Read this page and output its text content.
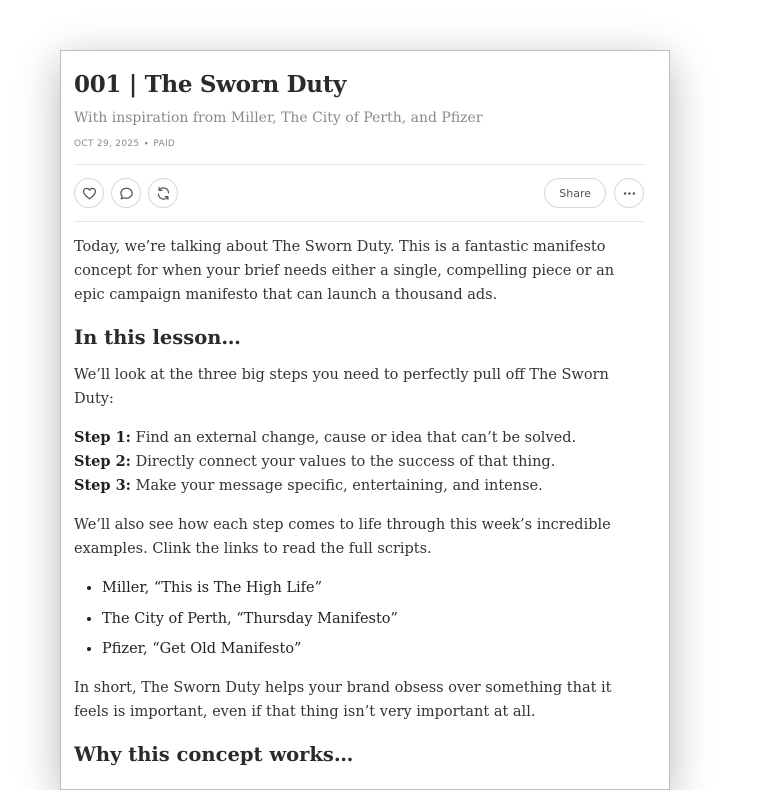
001 | The Sworn Duty
With inspiration from Miller, The City of Perth, and Pfizer
OCT 29, 2025 ∙ PAID
Share

Today, we’re talking about The Sworn Duty. This is a fantastic manifesto concept for when your brief needs either a single, compelling piece or an epic campaign manifesto that can launch a thousand ads.

In this lesson…

We’ll look at the three big steps you need to perfectly pull off The Sworn Duty:

Step 1: Find an external change, cause or idea that can’t be solved.
Step 2: Directly connect your values to the success of that thing.
Step 3: Make your message specific, entertaining, and intense.

We’ll also see how each step comes to life through this week’s incredible examples. Clink the links to read the full scripts.

• Miller, “This is The High Life”
• The City of Perth, “Thursday Manifesto”
• Pfizer, “Get Old Manifesto”

In short, The Sworn Duty helps your brand obsess over something that it feels is important, even if that thing isn’t very important at all.

Why this concept works…
